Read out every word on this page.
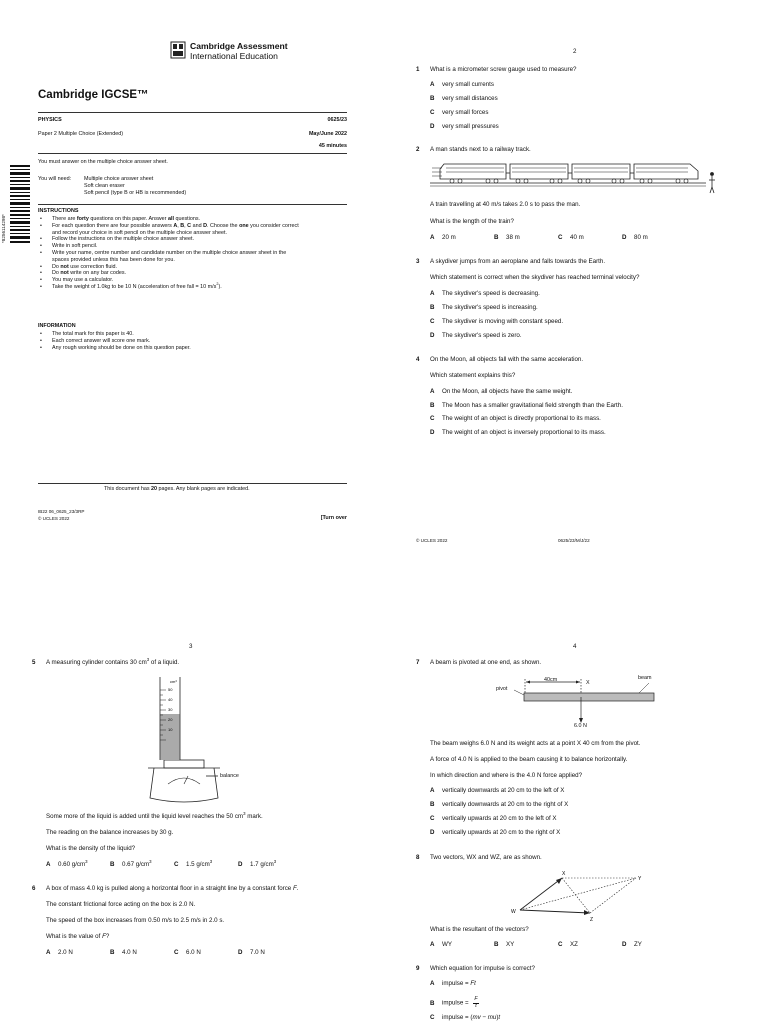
Cambridge Assessment
International Education
Cambridge IGCSE™
PHYSICS	0625/23
Paper 2 Multiple Choice (Extended)	May/June 2022
45 minutes
You must answer on the multiple choice answer sheet.
You will need: Multiple choice answer sheet
Soft clean eraser
Soft pencil (type B or HB is recommended)
*8256114298*
INSTRUCTIONS
• There are forty questions on this paper. Answer all questions.
• For each question there are four possible answers A, B, C and D. Choose the one you consider correct
and record your choice in soft pencil on the multiple choice answer sheet.
• Follow the instructions on the multiple choice answer sheet.
• Write in soft pencil.
• Write your name, centre number and candidate number on the multiple choice answer sheet in the
spaces provided unless this has been done for you.
• Do not use correction fluid.
• Do not write on any bar codes.
• You may use a calculator.
• Take the weight of 1.0kg to be 10 N (acceleration of free fall = 10 $m/s^2$).
INFORMATION
• The total mark for this paper is 40.
• Each correct answer will score one mark.
• Any rough working should be done on this question paper.
This document has 20 pages. Any blank pages are indicated.
IB22 06_0625_23/3RP
© UCLES 2022	[Turn over
2
1 What is a micrometer screw gauge used to measure?
A very small currents
B very small distances
C very small forces
D very small pressures
2 A man stands next to a railway track.
A train travelling at 40 m/s takes 2.0 s to pass the man.
What is the length of the train?
A 20 m	B 38 m	C 40 m	D 80 m
3 A skydiver jumps from an aeroplane and falls towards the Earth.
Which statement is correct when the skydiver has reached terminal velocity?
A The skydiver's speed is decreasing.
B The skydiver's speed is increasing.
C The skydiver is moving with constant speed.
D The skydiver's speed is zero.
4 On the Moon, all objects fall with the same acceleration.
Which statement explains this?
A On the Moon, all objects have the same weight.
B The Moon has a smaller gravitational field strength than the Earth.
C The weight of an object is directly proportional to its mass.
D The weight of an object is inversely proportional to its mass.
© UCLES 2022	0625/23/M/J/22
3
5 A measuring cylinder contains 30 $cm^3$ of a liquid.
cm³
50
40
30
20
10
balance
Some more of the liquid is added until the liquid level reaches the 50 $cm^3$ mark.
The reading on the balance increases by 30 g.
What is the density of the liquid?
A 0.60 $g/cm^3$	B 0.67 $g/cm^3$	C 1.5 $g/cm^3$	D 1.7 $g/cm^3$
6 A box of mass 4.0 kg is pulled along a horizontal floor in a straight line by a constant force F.
The constant frictional force acting on the box is 2.0 N.
The speed of the box increases from 0.50 m/s to 2.5 m/s in 2.0 s.
What is the value of F?
A 2.0 N	B 4.0 N	C 6.0 N	D 7.0 N
4
7 A beam is pivoted at one end, as shown.
40cm	X
beam
pivot
6.0 N
The beam weighs 6.0 N and its weight acts at a point X 40 cm from the pivot.
A force of 4.0 N is applied to the beam causing it to balance horizontally.
In which direction and where is the 4.0 N force applied?
A vertically downwards at 20 cm to the left of X
B vertically downwards at 20 cm to the right of X
C vertically upwards at 20 cm to the left of X
D vertically upwards at 20 cm to the right of X
8 Two vectors, WX and WZ, are as shown.
X
Y
W
Z
What is the resultant of the vectors?
A WY	B XY	C XZ	D ZY
9 Which equation for impulse is correct?
A impulse = Ft
B impulse = $\frac{F}{t}$
C impulse = (mv − mu)t
